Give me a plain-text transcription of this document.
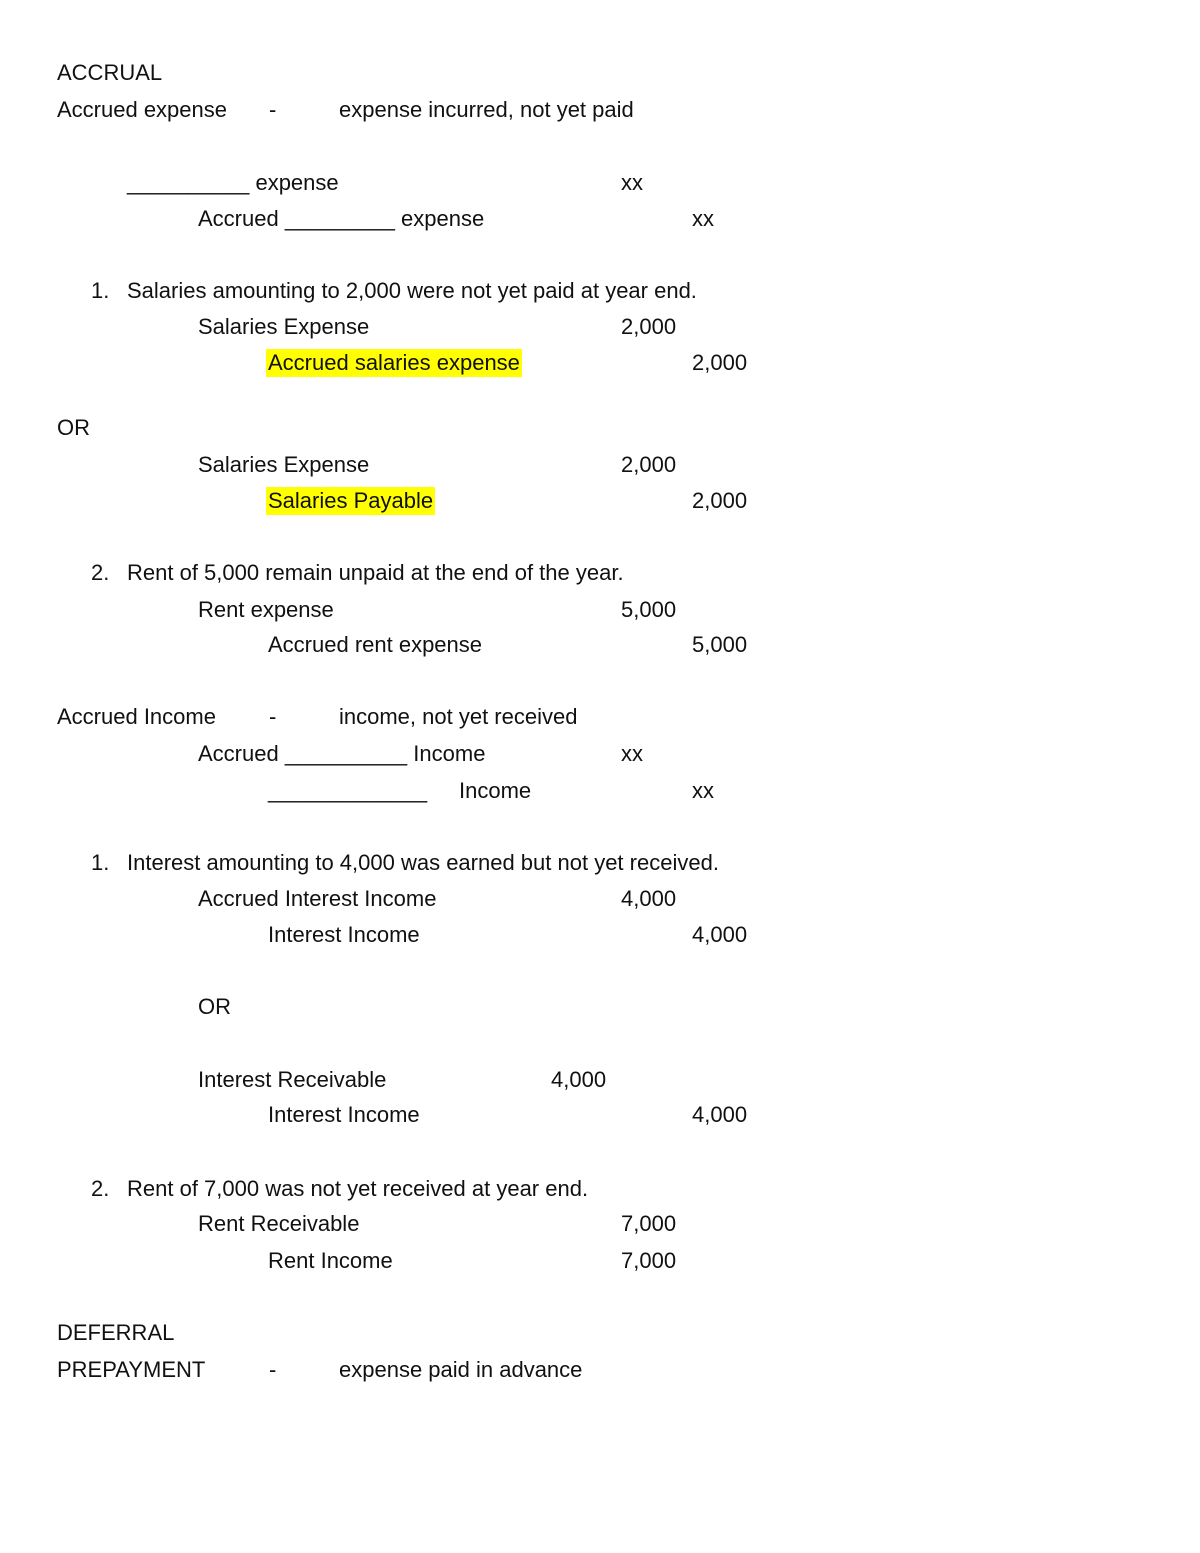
ACCRUAL
Accrued expense -	expense incurred, not yet paid
__________ expense	xx
Accrued _________ expense	xx
1. Salaries amounting to 2,000 were not yet paid at year end.
Salaries Expense	2,000
Accrued salaries expense	2,000
OR
Salaries Expense	2,000
Salaries Payable	2,000
2. Rent of 5,000 remain unpaid at the end of the year.
Rent expense	5,000
Accrued rent expense	5,000
Accrued Income -	income, not yet received
Accrued __________ Income	xx
_____________ Income	xx
1. Interest amounting to 4,000 was earned but not yet received.
Accrued Interest Income	4,000
Interest Income	4,000
OR
Interest Receivable	4,000
Interest Income	4,000
2. Rent of 7,000 was not yet received at year end.
Rent Receivable	7,000
Rent Income	7,000
DEFERRAL
PREPAYMENT	-	expense paid in advance
